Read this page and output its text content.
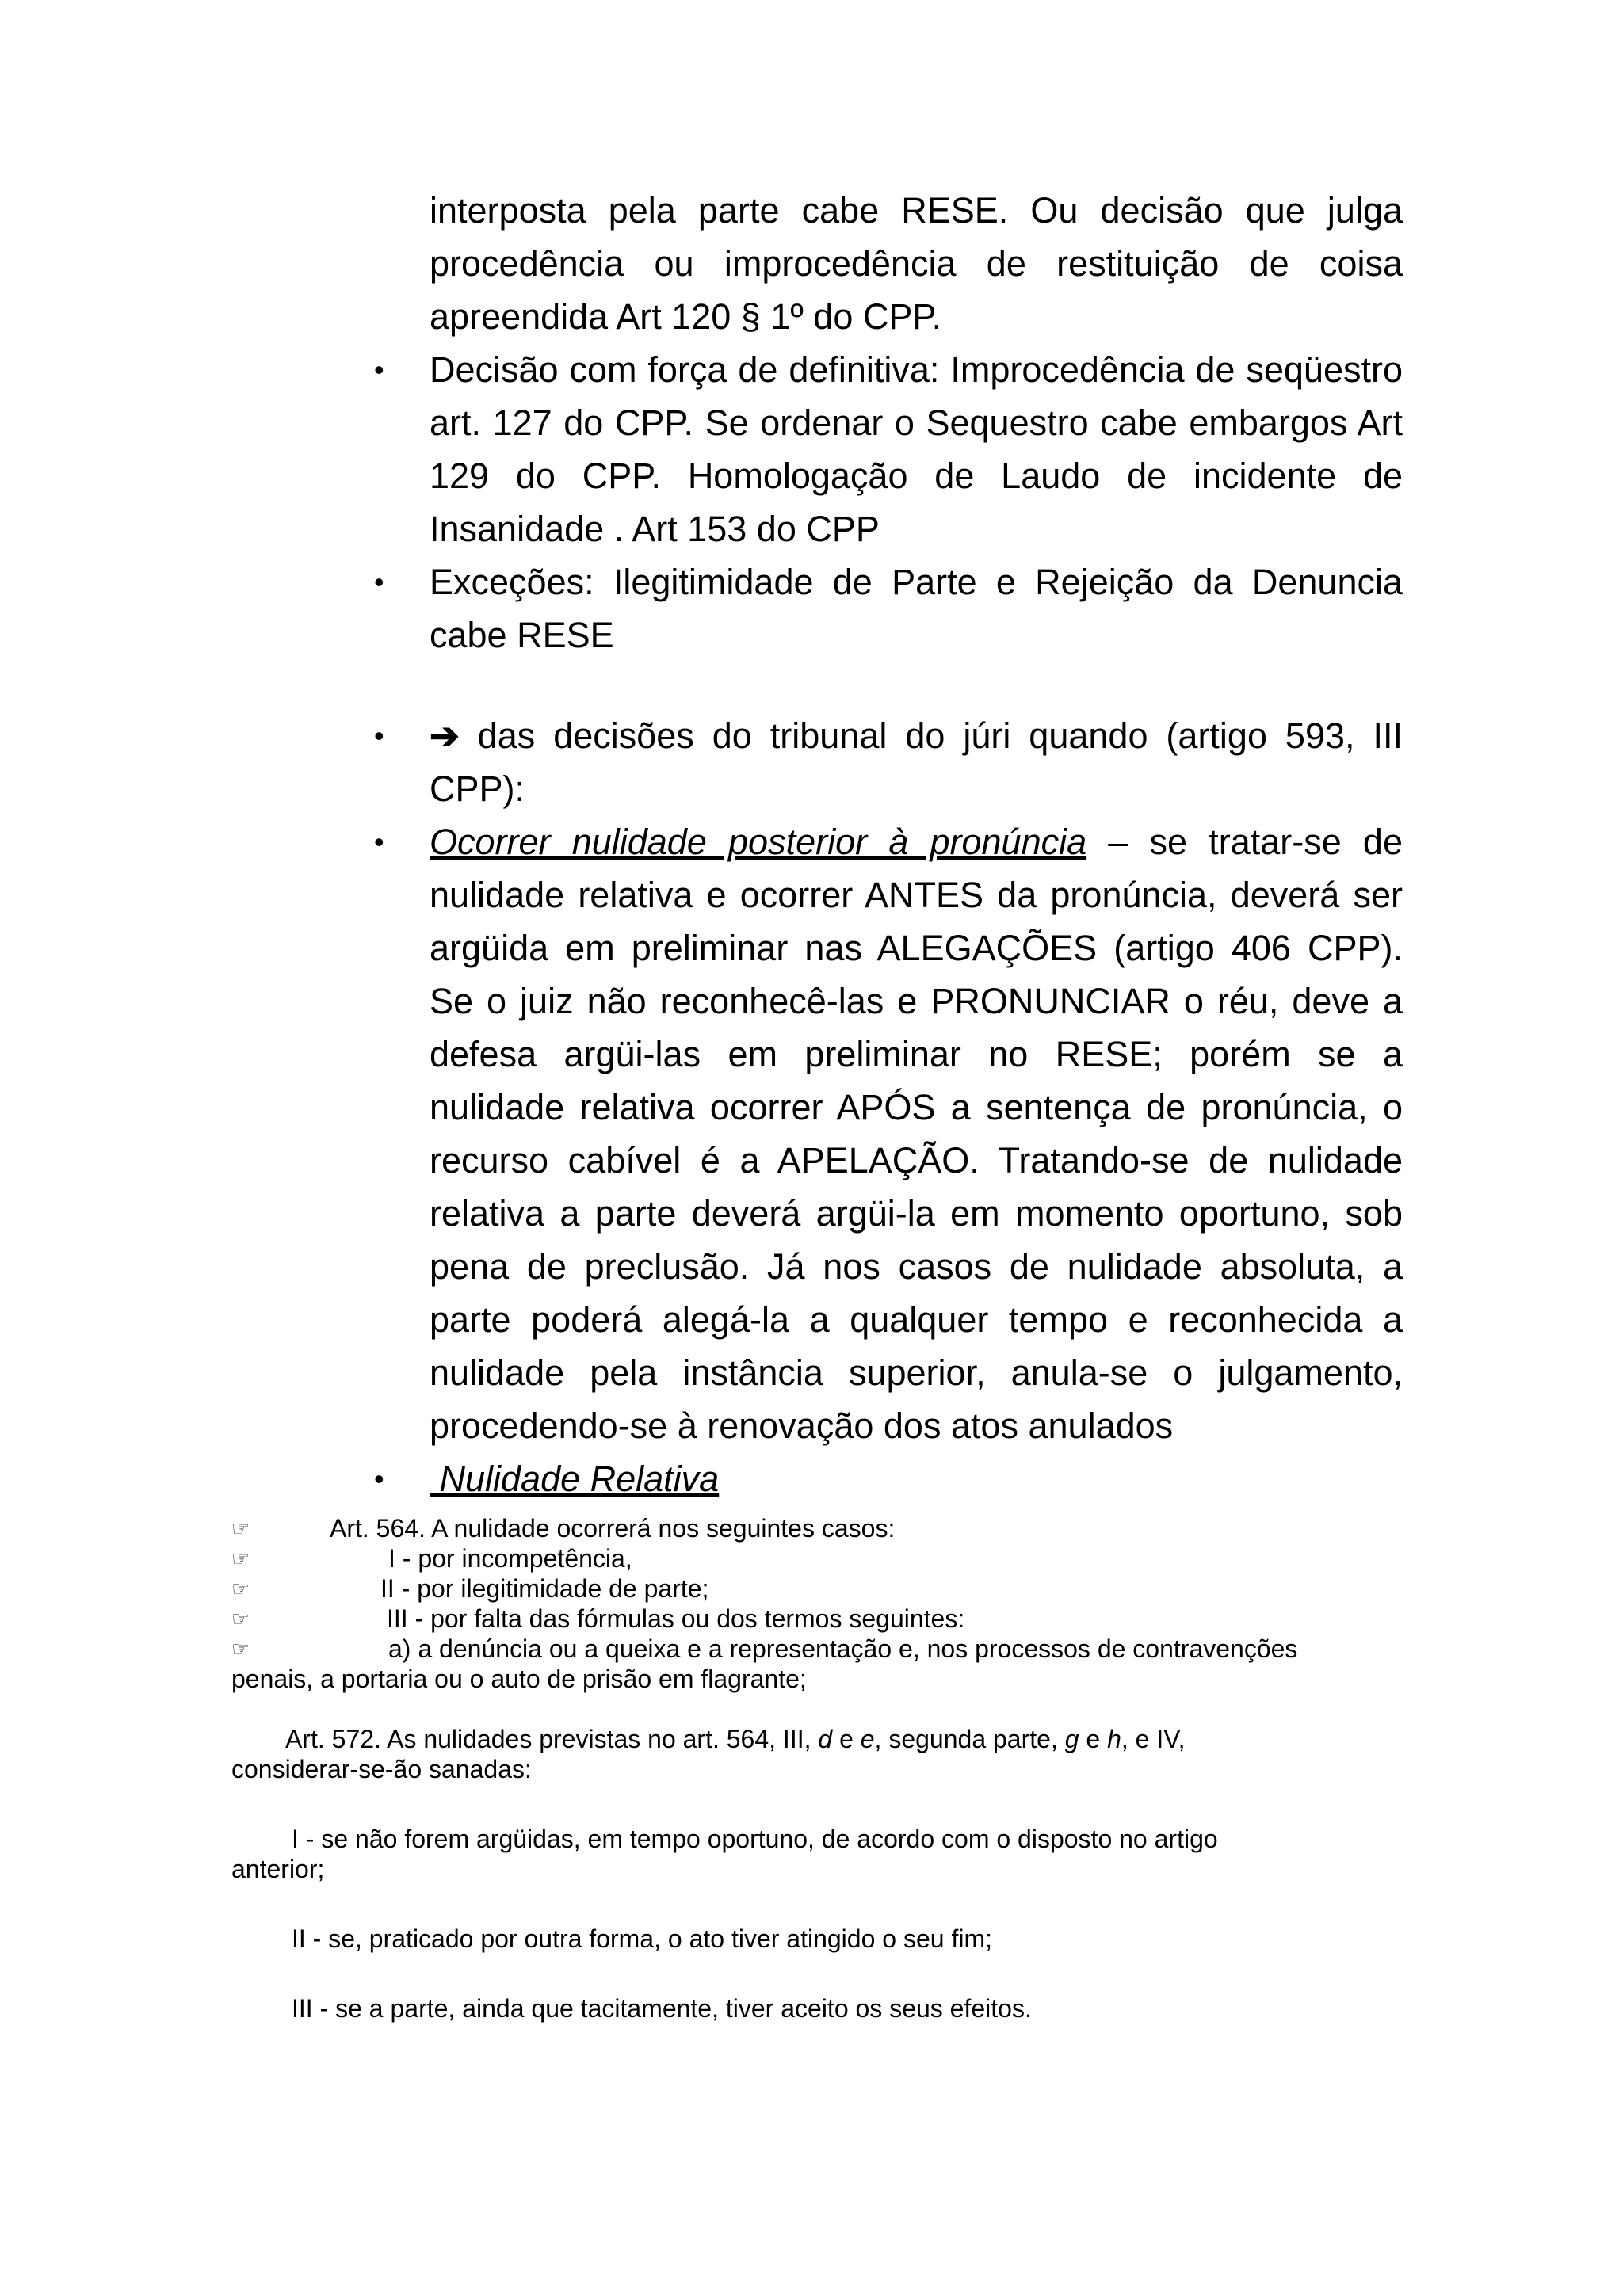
interposta pela parte cabe RESE. Ou decisão que julga procedência ou improcedência de restituição de coisa apreendida Art 120 § 1º do CPP.
• Decisão com força de definitiva: Improcedência de seqüestro art. 127 do CPP. Se ordenar o Sequestro cabe embargos Art 129 do CPP. Homologação de Laudo de incidente de Insanidade . Art 153 do CPP
• Exceções: Ilegitimidade de Parte e Rejeição da Denuncia cabe RESE
• ➔ das decisões do tribunal do júri quando (artigo 593, III CPP):
• Ocorrer nulidade posterior à pronúncia – se tratar-se de nulidade relativa e ocorrer ANTES da pronúncia, deverá ser argüida em preliminar nas ALEGAÇÕES (artigo 406 CPP). Se o juiz não reconhecê-las e PRONUNCIAR o réu, deve a defesa argüi-las em preliminar no RESE; porém se a nulidade relativa ocorrer APÓS a sentença de pronúncia, o recurso cabível é a APELAÇÃO. Tratando-se de nulidade relativa a parte deverá argüi-la em momento oportuno, sob pena de preclusão. Já nos casos de nulidade absoluta, a parte poderá alegá-la a qualquer tempo e reconhecida a nulidade pela instância superior, anula-se o julgamento, procedendo-se à renovação dos atos anulados
• Nulidade Relativa
☞	Art. 564. A nulidade ocorrerá nos seguintes casos:
☞	I - por incompetência,
☞	II - por ilegitimidade de parte;
☞	III - por falta das fórmulas ou dos termos seguintes:
☞	a) a denúncia ou a queixa e a representação e, nos processos de contravenções
penais, a portaria ou o auto de prisão em flagrante;
Art. 572. As nulidades previstas no art. 564, III, d e e, segunda parte, g e h, e IV,
considerar-se-ão sanadas:
I - se não forem argüidas, em tempo oportuno, de acordo com o disposto no artigo
anterior;
II - se, praticado por outra forma, o ato tiver atingido o seu fim;
III - se a parte, ainda que tacitamente, tiver aceito os seus efeitos.
